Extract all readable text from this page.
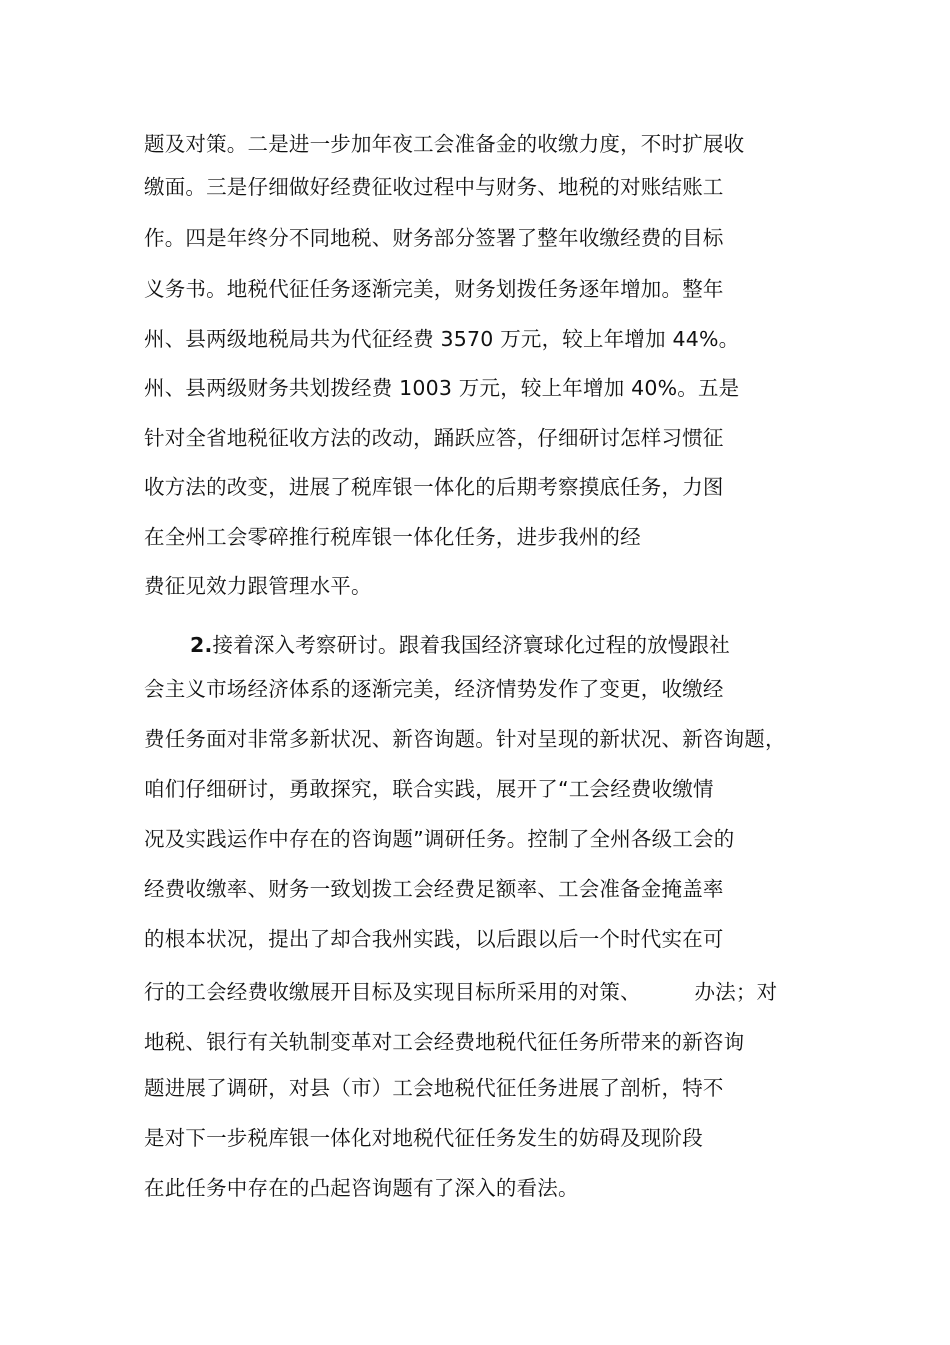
题及对策。二是进一步加年夜工会准备金的收缴力度，不时扩展收
缴面。三是仔细做好经费征收过程中与财务、地税的对账结账工
作。四是年终分不同地税、财务部分签署了整年收缴经费的目标
义务书。地税代征任务逐渐完美，财务划拨任务逐年增加。整年
州、县两级地税局共为代征经费 3570 万元，较上年增加 44%。
州、县两级财务共划拨经费 1003 万元，较上年增加 40%。五是
针对全省地税征收方法的改动，踊跃应答，仔细研讨怎样习惯征
收方法的改变，进展了税库银一体化的后期考察摸底任务，力图
在全州工会零碎推行税库银一体化任务，进步我州的经
费征见效力跟管理水平。
2.接着深入考察研讨。跟着我国经济寰球化过程的放慢跟社
会主义市场经济体系的逐渐完美，经济情势发作了变更，收缴经
费任务面对非常多新状况、新咨询题。针对呈现的新状况、新咨询题，
咱们仔细研讨，勇敢探究，联合实践，展开了“工会经费收缴情
况及实践运作中存在的咨询题”调研任务。控制了全州各级工会的
经费收缴率、财务一致划拨工会经费足额率、工会准备金掩盖率
的根本状况，提出了却合我州实践，以后跟以后一个时代实在可
行的工会经费收缴展开目标及实现目标所采用的对策、        办法；对
地税、银行有关轨制变革对工会经费地税代征任务所带来的新咨询
题进展了调研，对县（市）工会地税代征任务进展了剖析，特不
是对下一步税库银一体化对地税代征任务发生的妨碍及现阶段
在此任务中存在的凸起咨询题有了深入的看法。
